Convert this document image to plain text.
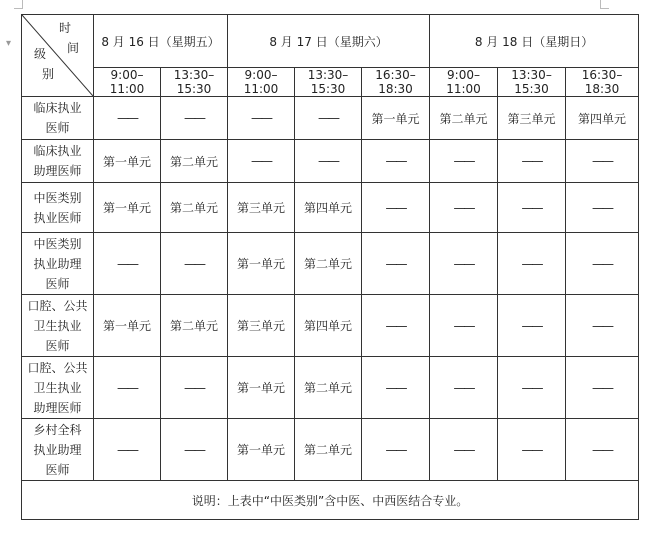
▾
时
间
级
别	8 月 16 日（星期五）		8 月 17 日（星期六）			8 月 18 日（星期日）		
	9:00–11:00	13:30–15:30	9:00–11:00	13:30–15:30	16:30–18:30	9:00–11:00	13:30–15:30	16:30–18:30

临床执业
医师	——	——	——	——	第一单元	第二单元	第三单元	第四单元

临床执业
助理医师	第一单元	第二单元	——	——	——	——	——	——

中医类别
执业医师	第一单元	第二单元	第三单元	第四单元	——	——	——	——

中医类别
执业助理
医师	——	——	第一单元	第二单元	——	——	——	——

口腔、公共
卫生执业
医师	第一单元	第二单元	第三单元	第四单元	——	——	——	——

口腔、公共
卫生执业
助理医师	——	——	第一单元	第二单元	——	——	——	——

乡村全科
执业助理
医师	——	——	第一单元	第二单元	——	——	——	——
说明：上表中“中医类别”含中医、中西医结合专业。								
